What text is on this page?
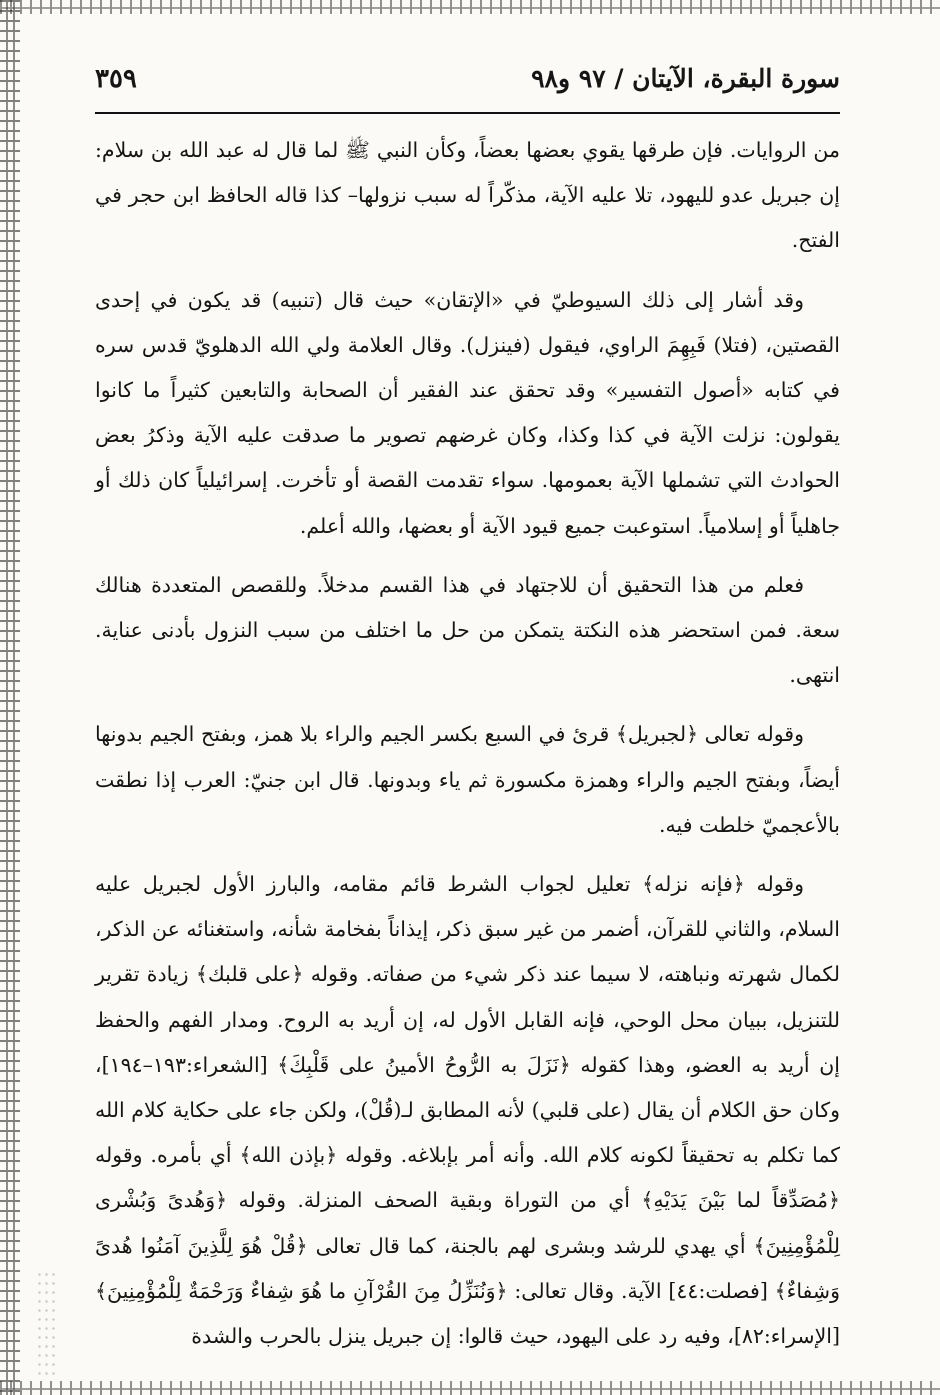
سورة البقرة، الآيتان / ٩٧ و٩٨
٣٥٩

من الروايات. فإن طرقها يقوي بعضها بعضاً، وكأن النبي ﷺ لما قال له عبد الله بن سلام: إن جبريل عدو لليهود، تلا عليه الآية، مذكّراً له سبب نزولها– كذا قاله الحافظ ابن حجر في الفتح.

وقد أشار إلى ذلك السيوطيّ في «الإتقان» حيث قال (تنبيه) قد يكون في إحدى القصتين، (فتلا) فَبِهِمَ الراوي، فيقول (فينزل). وقال العلامة ولي الله الدهلويّ قدس سره في كتابه «أصول التفسير» وقد تحقق عند الفقير أن الصحابة والتابعين كثيراً ما كانوا يقولون: نزلت الآية في كذا وكذا، وكان غرضهم تصوير ما صدقت عليه الآية وذكرُ بعض الحوادث التي تشملها الآية بعمومها. سواء تقدمت القصة أو تأخرت. إسرائيلياً كان ذلك أو جاهلياً أو إسلامياً. استوعبت جميع قيود الآية أو بعضها، والله أعلم.

فعلم من هذا التحقيق أن للاجتهاد في هذا القسم مدخلاً. وللقصص المتعددة هنالك سعة. فمن استحضر هذه النكتة يتمكن من حل ما اختلف من سبب النزول بأدنى عناية. انتهى.

وقوله تعالى ﴿لجبريل﴾ قرئ في السبع بكسر الجيم والراء بلا همز، وبفتح الجيم بدونها أيضاً، وبفتح الجيم والراء وهمزة مكسورة ثم ياء وبدونها. قال ابن جنيّ: العرب إذا نطقت بالأعجميّ خلطت فيه.

وقوله ﴿فإنه نزله﴾ تعليل لجواب الشرط قائم مقامه، والبارز الأول لجبريل عليه السلام، والثاني للقرآن، أضمر من غير سبق ذكر، إيذاناً بفخامة شأنه، واستغنائه عن الذكر، لكمال شهرته ونباهته، لا سيما عند ذكر شيء من صفاته. وقوله ﴿على قلبك﴾ زيادة تقرير للتنزيل، ببيان محل الوحي، فإنه القابل الأول له، إن أريد به الروح. ومدار الفهم والحفظ إن أريد به العضو، وهذا كقوله ﴿نَزَلَ به الرُّوحُ الأمينُ على قَلْبِكَ﴾ [الشعراء:١٩٣–١٩٤]، وكان حق الكلام أن يقال (على قلبي) لأنه المطابق لـ(قُلْ)، ولكن جاء على حكاية كلام الله كما تكلم به تحقيقاً لكونه كلام الله. وأنه أمر بإبلاغه. وقوله ﴿بإذن الله﴾ أي بأمره. وقوله ﴿مُصَدِّقاً لما بَيْنَ يَدَيْهِ﴾ أي من التوراة وبقية الصحف المنزلة. وقوله ﴿وَهُدىً وَبُشْرى لِلْمُؤْمِنِينَ﴾ أي يهدي للرشد وبشرى لهم بالجنة، كما قال تعالى ﴿قُلْ هُوَ لِلَّذِينَ آمَنُوا هُدىً وَشِفاءٌ﴾ [فصلت:٤٤] الآية. وقال تعالى: ﴿وَنُنَزِّلُ مِنَ القُرْآنِ ما هُوَ شِفاءٌ وَرَحْمَةٌ لِلْمُؤْمِنِينَ﴾ [الإسراء:٨٢]، وفيه رد على اليهود، حيث قالوا: إن جبريل ينزل بالحرب والشدة
